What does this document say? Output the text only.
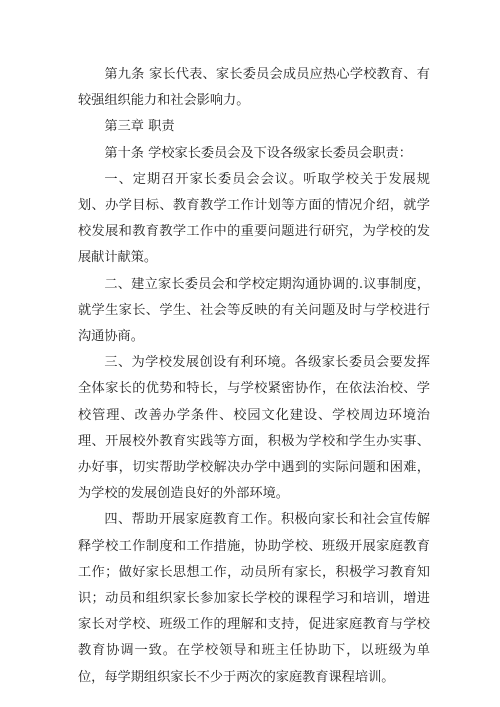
第九条 家长代表、家长委员会成员应热心学校教育、有较强组织能力和社会影响力。

第三章 职责

第十条 学校家长委员会及下设各级家长委员会职责：

一、定期召开家长委员会会议。听取学校关于发展规划、办学目标、教育教学工作计划等方面的情况介绍，就学校发展和教育教学工作中的重要问题进行研究，为学校的发展献计献策。

二、建立家长委员会和学校定期沟通协调的.议事制度，就学生家长、学生、社会等反映的有关问题及时与学校进行沟通协商。

三、为学校发展创设有利环境。各级家长委员会要发挥全体家长的优势和特长，与学校紧密协作，在依法治校、学校管理、改善办学条件、校园文化建设、学校周边环境治理、开展校外教育实践等方面，积极为学校和学生办实事、办好事，切实帮助学校解决办学中遇到的实际问题和困难，为学校的发展创造良好的外部环境。

四、帮助开展家庭教育工作。积极向家长和社会宣传解释学校工作制度和工作措施，协助学校、班级开展家庭教育工作；做好家长思想工作，动员所有家长，积极学习教育知识；动员和组织家长参加家长学校的课程学习和培训，增进家长对学校、班级工作的理解和支持，促进家庭教育与学校教育协调一致。在学校领导和班主任协助下，以班级为单位，每学期组织家长不少于两次的家庭教育课程培训。
